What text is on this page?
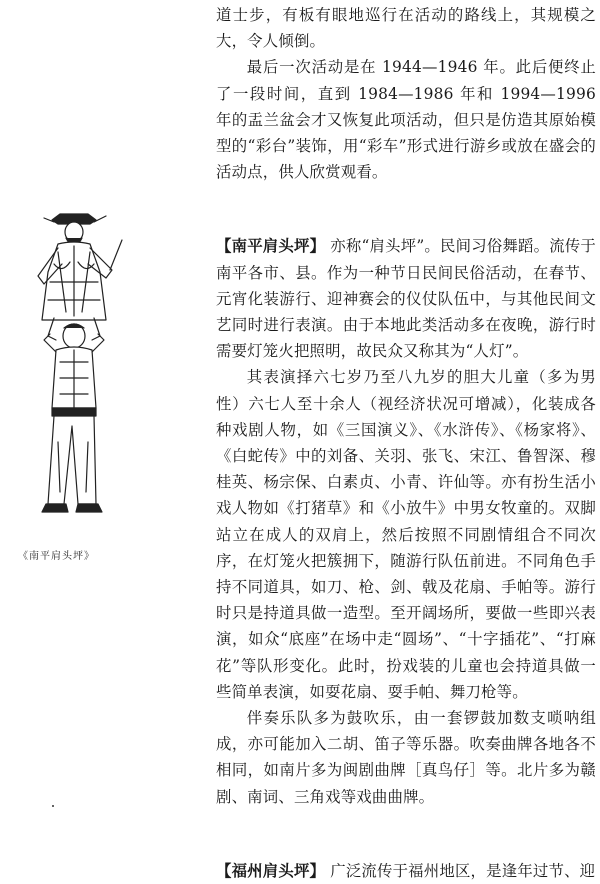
道士步，有板有眼地巡行在活动的路线上，其规模之大，令人倾倒。

最后一次活动是在 1944—1946 年。此后便终止了一段时间，直到 1984—1986 年和 1994—1996 年的盂兰盆会才又恢复此项活动，但只是仿造其原始模型的“彩台”装饰，用“彩车”形式进行游乡或放在盛会的活动点，供人欣赏观看。

【南平肩头坪】 亦称“肩头坪”。民间习俗舞蹈。流传于南平各市、县。作为一种节日民间民俗活动，在春节、元宵化装游行、迎神赛会的仪仗队伍中，与其他民间文艺同时进行表演。由于本地此类活动多在夜晚，游行时需要灯笼火把照明，故民众又称其为“人灯”。

其表演择六七岁乃至八九岁的胆大儿童（多为男性）六七人至十余人（视经济状况可增减），化装成各种戏剧人物，如《三国演义》、《水浒传》、《杨家将》、《白蛇传》中的刘备、关羽、张飞、宋江、鲁智深、穆桂英、杨宗保、白素贞、小青、许仙等。亦有扮生活小戏人物如《打猪草》和《小放牛》中男女牧童的。双脚站立在成人的双肩上，然后按照不同剧情组合不同次序，在灯笼火把簇拥下，随游行队伍前进。不同角色手持不同道具，如刀、枪、剑、戟及花扇、手帕等。游行时只是持道具做一造型。至开阔场所，要做一些即兴表演，如众“底座”在场中走“圆场”、“十字插花”、“打麻花”等队形变化。此时，扮戏装的儿童也会持道具做一些简单表演，如耍花扇、耍手帕、舞刀枪等。

伴奏乐队多为鼓吹乐，由一套锣鼓加数支唢呐组成，亦可能加入二胡、笛子等乐器。吹奏曲牌各地各不相同，如南片多为闽剧曲牌［真鸟仔］等。北片多为赣剧、南词、三角戏等戏曲曲牌。

【福州肩头坪】 广泛流传于福州地区，是逢年过节、迎

《南平肩头坪》
